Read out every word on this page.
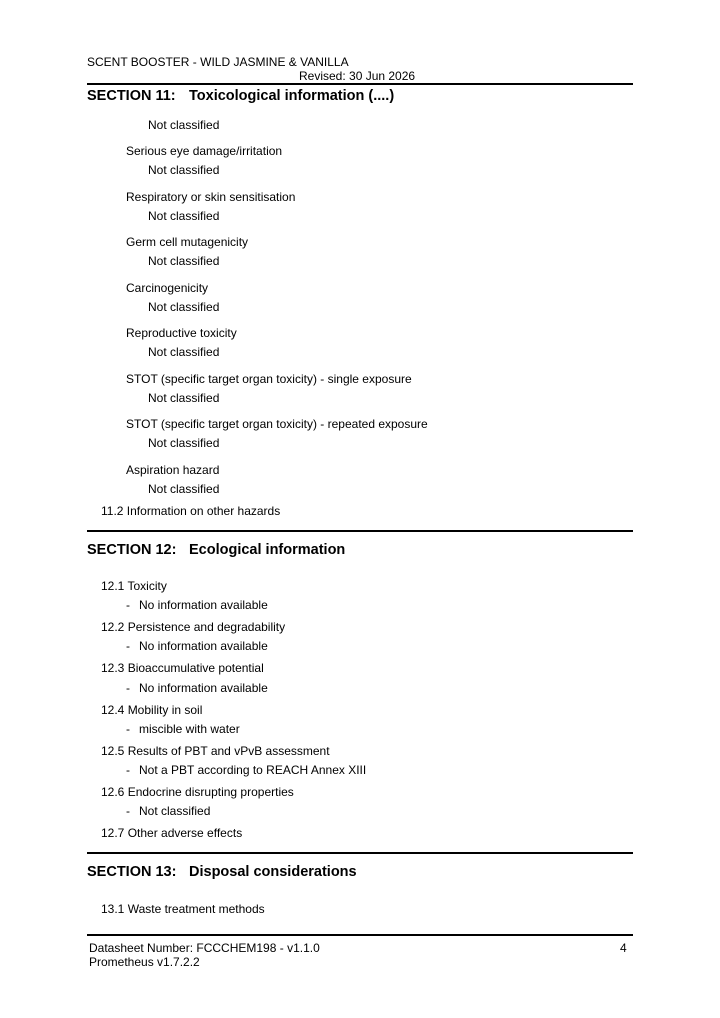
SCENT BOOSTER - WILD JASMINE & VANILLA
Revised: 30 Jun 2026
SECTION 11: Toxicological information (....)
Not classified
Serious eye damage/irritation
Not classified
Respiratory or skin sensitisation
Not classified
Germ cell mutagenicity
Not classified
Carcinogenicity
Not classified
Reproductive toxicity
Not classified
STOT (specific target organ toxicity) - single exposure
Not classified
STOT (specific target organ toxicity) - repeated exposure
Not classified
Aspiration hazard
Not classified
11.2 Information on other hazards
SECTION 12: Ecological information
12.1 Toxicity
- No information available
12.2 Persistence and degradability
- No information available
12.3 Bioaccumulative potential
- No information available
12.4 Mobility in soil
- miscible with water
12.5 Results of PBT and vPvB assessment
- Not a PBT according to REACH Annex XIII
12.6 Endocrine disrupting properties
- Not classified
12.7 Other adverse effects
SECTION 13: Disposal considerations
13.1 Waste treatment methods
Datasheet Number: FCCCHEM198 - v1.1.0
Prometheus v1.7.2.2
4
